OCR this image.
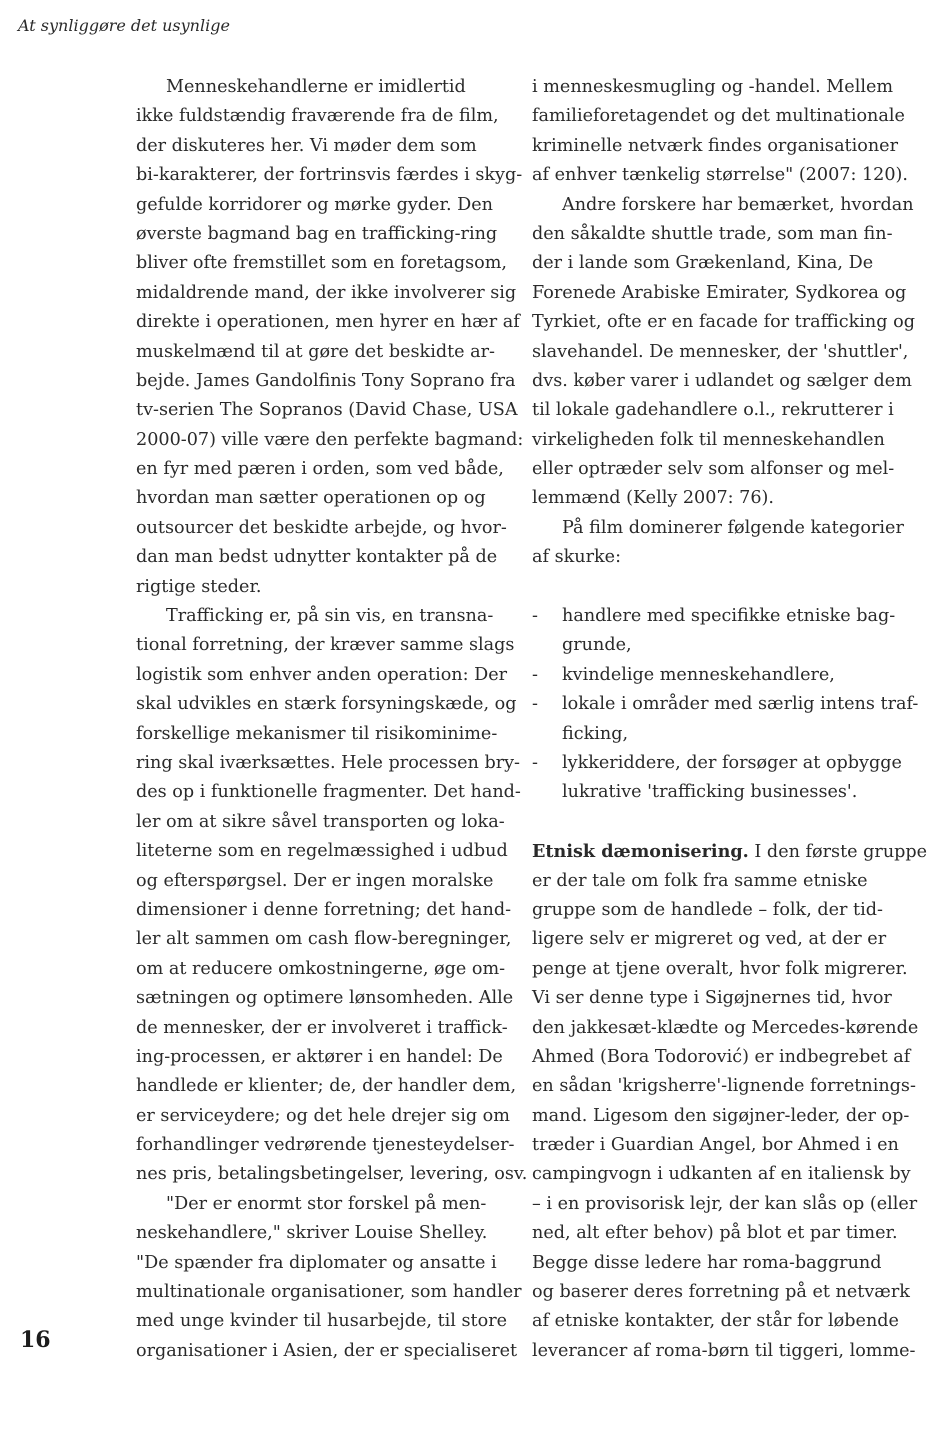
At synliggøre det usynlige
Menneskehandlerne er imidlertid
ikke fuldstændig fraværende fra de film,
der diskuteres her. Vi møder dem som
bi-karakterer, der fortrinsvis færdes i skyg-
gefulde korridorer og mørke gyder. Den
øverste bagmand bag en trafficking-ring
bliver ofte fremstillet som en foretagsom,
midaldrende mand, der ikke involverer sig
direkte i operationen, men hyrer en hær af
muskelmænd til at gøre det beskidte ar-
bejde. James Gandolfinis Tony Soprano fra
tv-serien The Sopranos (David Chase, USA
2000-07) ville være den perfekte bagmand:
en fyr med pæren i orden, som ved både,
hvordan man sætter operationen op og
outsourcer det beskidte arbejde, og hvor-
dan man bedst udnytter kontakter på de
rigtige steder.
Trafficking er, på sin vis, en transna-
tional forretning, der kræver samme slags
logistik som enhver anden operation: Der
skal udvikles en stærk forsyningskæde, og
forskellige mekanismer til risikominime-
ring skal iværksættes. Hele processen bry-
des op i funktionelle fragmenter. Det hand-
ler om at sikre såvel transporten og loka-
liteterne som en regelmæssighed i udbud
og efterspørgsel. Der er ingen moralske
dimensioner i denne forretning; det hand-
ler alt sammen om cash flow-beregninger,
om at reducere omkostningerne, øge om-
sætningen og optimere lønsomheden. Alle
de mennesker, der er involveret i traffick-
ing-processen, er aktører i en handel: De
handlede er klienter; de, der handler dem,
er serviceydere; og det hele drejer sig om
forhandlinger vedrørende tjenesteydelser-
nes pris, betalingsbetingelser, levering, osv.
"Der er enormt stor forskel på men-
neskehandlere," skriver Louise Shelley.
"De spænder fra diplomater og ansatte i
multinationale organisationer, som handler
med unge kvinder til husarbejde, til store
organisationer i Asien, der er specialiseret
i menneskesmugling og -handel. Mellem
familieforetagendet og det multinationale
kriminelle netværk findes organisationer
af enhver tænkelig størrelse" (2007: 120).
Andre forskere har bemærket, hvordan
den såkaldte shuttle trade, som man fin-
der i lande som Grækenland, Kina, De
Forenede Arabiske Emirater, Sydkorea og
Tyrkiet, ofte er en facade for trafficking og
slavehandel. De mennesker, der 'shuttler',
dvs. køber varer i udlandet og sælger dem
til lokale gadehandlere o.l., rekrutterer i
virkeligheden folk til menneskehandlen
eller optræder selv som alfonser og mel-
lemmænd (Kelly 2007: 76).
På film dominerer følgende kategorier
af skurke:
- handlere med specifikke etniske bag-
grunde,
- kvindelige menneskehandlere,
- lokale i områder med særlig intens traf-
ficking,
- lykkeriddere, der forsøger at opbygge
lukrative 'trafficking businesses'.
Etnisk dæmonisering. I den første gruppe
er der tale om folk fra samme etniske
gruppe som de handlede – folk, der tid-
ligere selv er migreret og ved, at der er
penge at tjene overalt, hvor folk migrerer.
Vi ser denne type i Sigøjnernes tid, hvor
den jakkesæt-klædte og Mercedes-kørende
Ahmed (Bora Todorović) er indbegrebet af
en sådan 'krigsherre'-lignende forretnings-
mand. Ligesom den sigøjner-leder, der op-
træder i Guardian Angel, bor Ahmed i en
campingvogn i udkanten af en italiensk by
– i en provisorisk lejr, der kan slås op (eller
ned, alt efter behov) på blot et par timer.
Begge disse ledere har roma-baggrund
og baserer deres forretning på et netværk
af etniske kontakter, der står for løbende
leverancer af roma-børn til tiggeri, lomme-
16
